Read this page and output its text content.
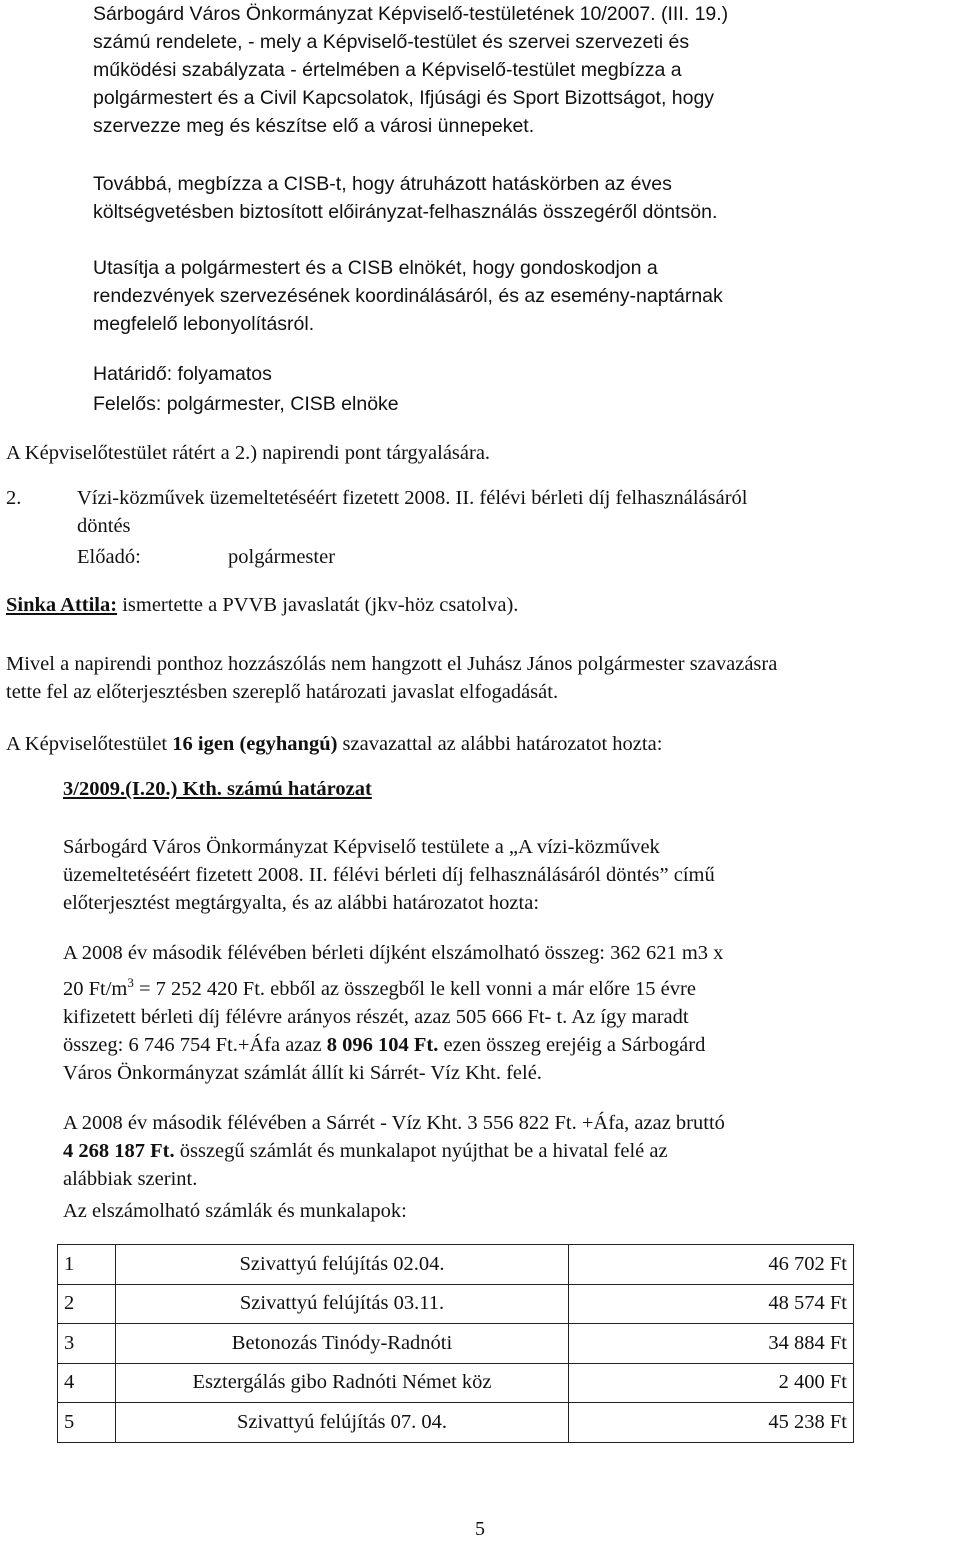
Sárbogárd Város Önkormányzat Képviselő-testületének 10/2007. (III. 19.)
számú rendelete, - mely a Képviselő-testület és szervei szervezeti és
működési szabályzata - értelmében a Képviselő-testület megbízza a
polgármestert és a Civil Kapcsolatok, Ifjúsági és Sport Bizottságot, hogy
szervezze meg és készítse elő a városi ünnepeket.
Továbbá, megbízza a CISB-t, hogy átruházott hatáskörben az éves
költségvetésben biztosított előirányzat-felhasználás összegéről döntsön.
Utasítja a polgármestert és a CISB elnökét, hogy gondoskodjon a
rendezvények szervezésének koordinálásáról, és az esemény-naptárnak
megfelelő lebonyolításról.
Határidő: folyamatos
Felelős: polgármester, CISB elnöke
A Képviselőtestület rátért a 2.) napirendi pont tárgyalására.
2.	Vízi-közművek üzemeltetéséért fizetett 2008. II. félévi bérleti díj felhasználásáról
döntés
Előadó:	polgármester
Sinka Attila: ismertette a PVVB javaslatát (jkv-höz csatolva).
Mivel a napirendi ponthoz hozzászólás nem hangzott el Juhász János polgármester szavazásra
tette fel az előterjesztésben szereplő határozati javaslat elfogadását.
A Képviselőtestület 16 igen (egyhangú) szavazattal az alábbi határozatot hozta:
3/2009.(I.20.) Kth. számú határozat
Sárbogárd Város Önkormányzat Képviselő testülete a „A vízi-közművek
üzemeltetéséért fizetett 2008. II. félévi bérleti díj felhasználásáról döntés” című
előterjesztést megtárgyalta, és az alábbi határozatot hozta:
A 2008 év második félévében bérleti díjként elszámolható összeg: 362 621 m3 x
20 $Ft/m^3 = 7$ 252 420 Ft. ebből az összegből le kell vonni a már előre 15 évre
kifizetett bérleti díj félévre arányos részét, azaz 505 666 Ft- t. Az így maradt
összeg: 6 746 754 Ft.+Áfa azaz 8 096 104 Ft. ezen összeg erejéig a Sárbogárd
Város Önkormányzat számlát állít ki Sárrét- Víz Kht. felé.
A 2008 év második félévében a Sárrét - Víz Kht. 3 556 822 Ft. +Áfa, azaz bruttó
4 268 187 Ft. összegű számlát és munkalapot nyújthat be a hivatal felé az
alábbiak szerint.
Az elszámolható számlák és munkalapok:
1	Szivattyú felújítás 02.04.	46 702 Ft
2	Szivattyú felújítás 03.11.	48 574 Ft
3	Betonozás Tinódy-Radnóti	34 884 Ft
4	Esztergálás gibo Radnóti Német köz	2 400 Ft
5	Szivattyú felújítás 07. 04.	45 238 Ft
5
